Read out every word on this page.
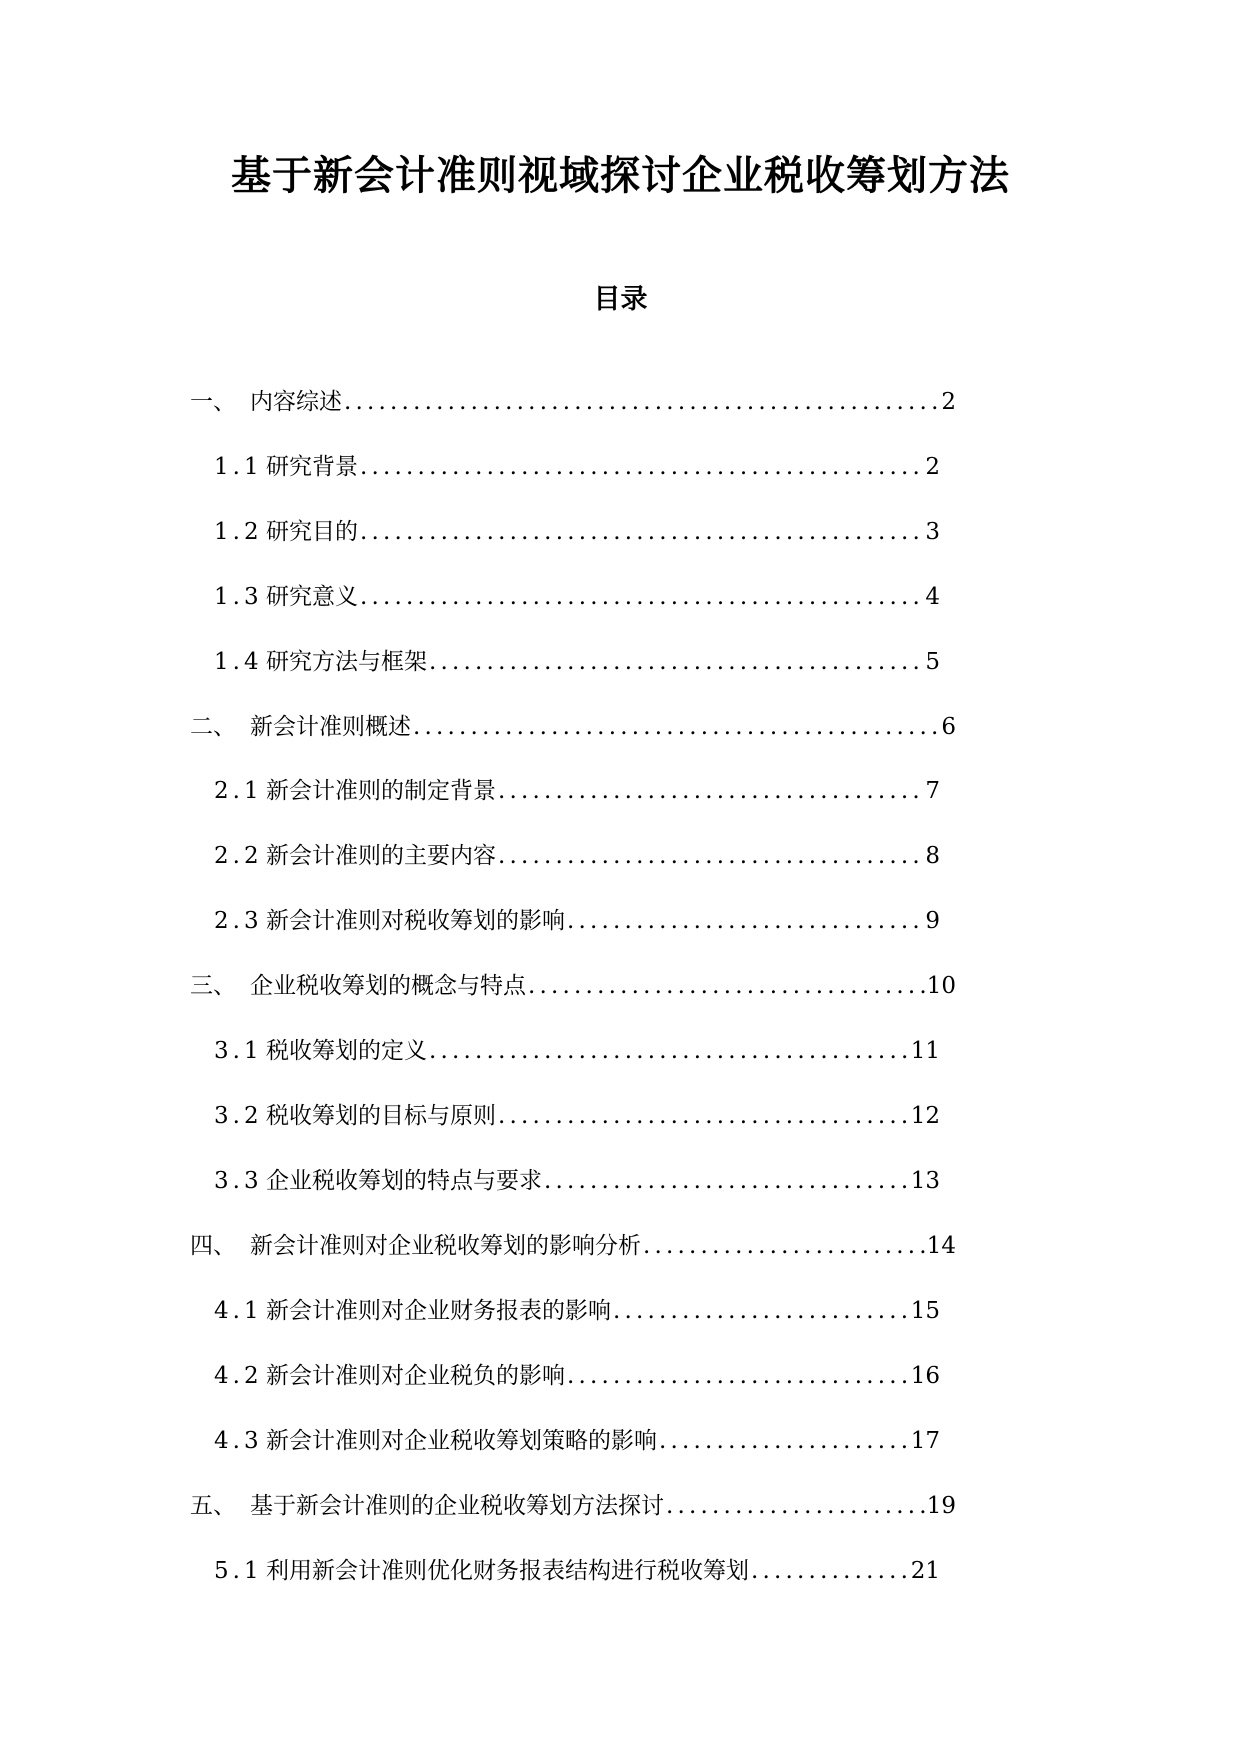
基于新会计准则视域探讨企业税收筹划方法
目录
一、 内容综述 .....	2
1.1 研究背景 .....	2
1.2 研究目的 .....	3
1.3 研究意义 .....	4
1.4 研究方法与框架 .....	5
二、 新会计准则概述 .....	6
2.1 新会计准则的制定背景 .....	7
2.2 新会计准则的主要内容 .....	8
2.3 新会计准则对税收筹划的影响 .....	9
三、 企业税收筹划的概念与特点 .....	10
3.1 税收筹划的定义 .....	11
3.2 税收筹划的目标与原则 .....	12
3.3 企业税收筹划的特点与要求 .....	13
四、 新会计准则对企业税收筹划的影响分析 .....	14
4.1 新会计准则对企业财务报表的影响 .....	15
4.2 新会计准则对企业税负的影响 .....	16
4.3 新会计准则对企业税收筹划策略的影响 .....	17
五、 基于新会计准则的企业税收筹划方法探讨 .....	19
5.1 利用新会计准则优化财务报表结构进行税收筹划 .....	21
